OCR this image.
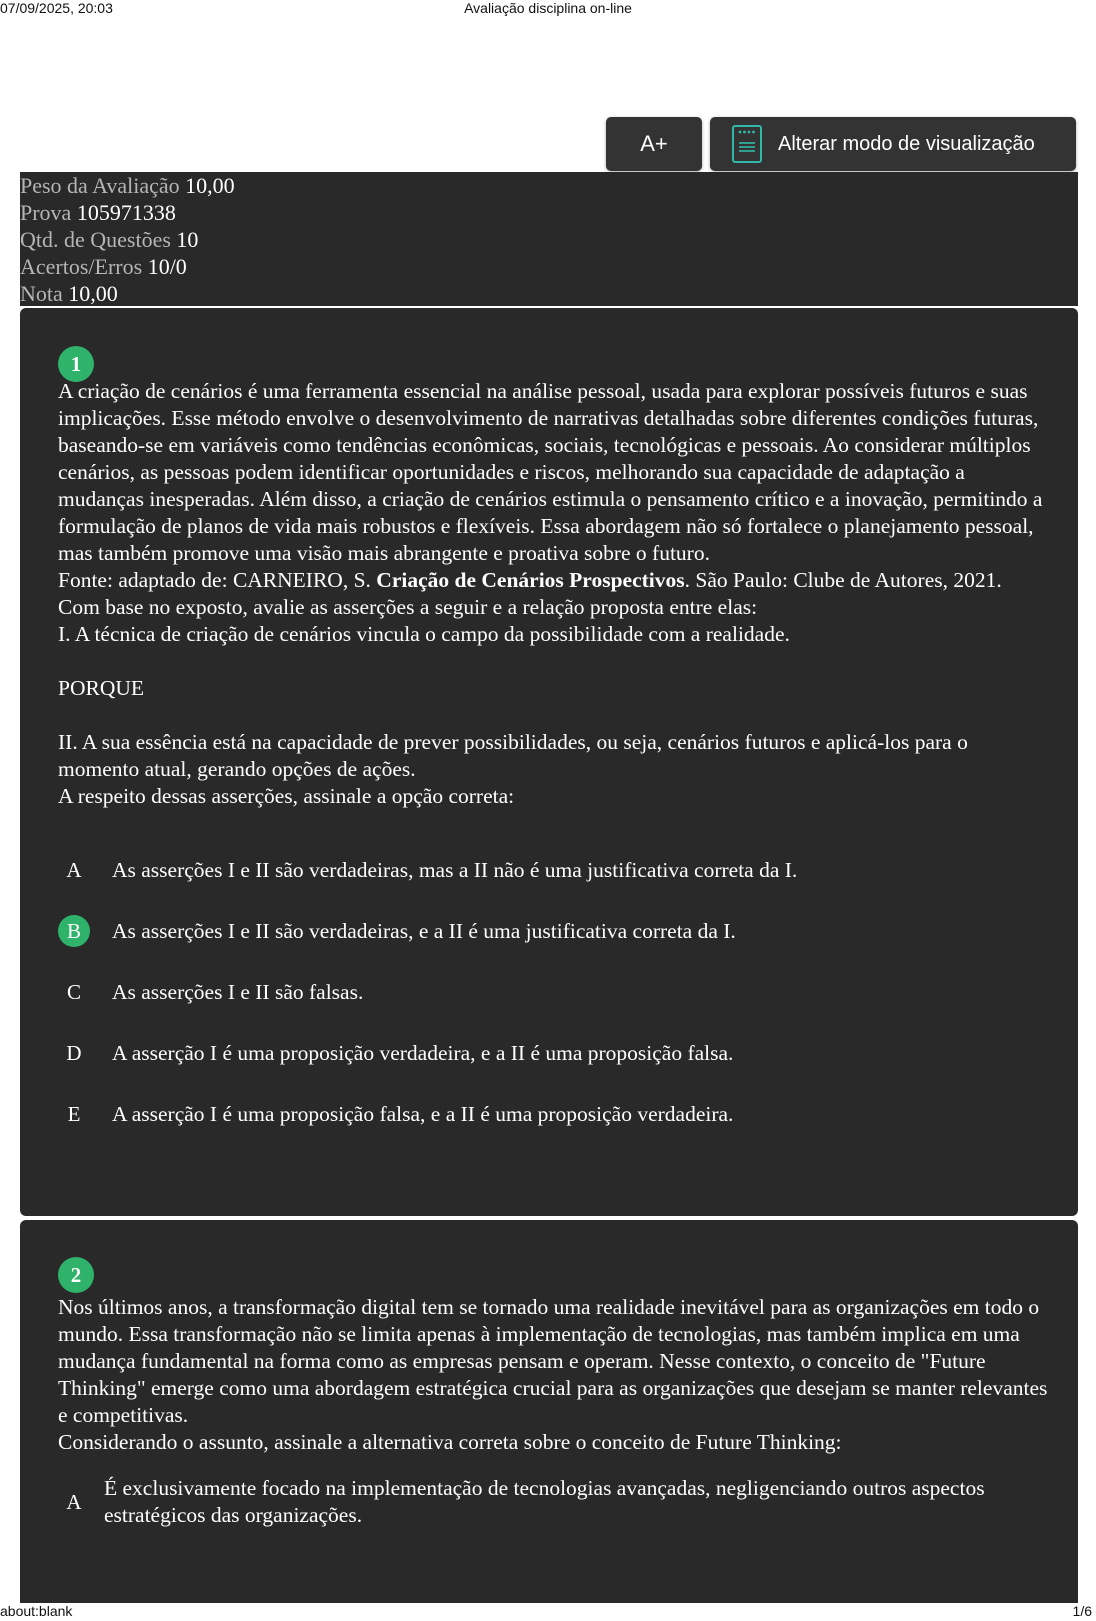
07/09/2025, 20:03	Avaliação disciplina on-line
A+	Alterar modo de visualização

Peso da Avaliação 10,00

Prova 105971338

Qtd. de Questões 10

Acertos/Erros 10/0

Nota 10,00

1

A criação de cenários é uma ferramenta essencial na análise pessoal, usada para explorar possíveis futuros e suas implicações. Esse método envolve o desenvolvimento de narrativas detalhadas sobre diferentes condições futuras, baseando-se em variáveis como tendências econômicas, sociais, tecnológicas e pessoais. Ao considerar múltiplos cenários, as pessoas podem identificar oportunidades e riscos, melhorando sua capacidade de adaptação a mudanças inesperadas. Além disso, a criação de cenários estimula o pensamento crítico e a inovação, permitindo a formulação de planos de vida mais robustos e flexíveis. Essa abordagem não só fortalece o planejamento pessoal, mas também promove uma visão mais abrangente e proativa sobre o futuro.

Fonte: adaptado de: CARNEIRO, S. Criação de Cenários Prospectivos. São Paulo: Clube de Autores, 2021.

Com base no exposto, avalie as asserções a seguir e a relação proposta entre elas:

I. A técnica de criação de cenários vincula o campo da possibilidade com a realidade.

PORQUE

II. A sua essência está na capacidade de prever possibilidades, ou seja, cenários futuros e aplicá-los para o momento atual, gerando opções de ações.

A respeito dessas asserções, assinale a opção correta:

A	As asserções I e II são verdadeiras, mas a II não é uma justificativa correta da I.
B	As asserções I e II são verdadeiras, e a II é uma justificativa correta da I.
C	As asserções I e II são falsas.
D	A asserção I é uma proposição verdadeira, e a II é uma proposição falsa.
E	A asserção I é uma proposição falsa, e a II é uma proposição verdadeira.
2

Nos últimos anos, a transformação digital tem se tornado uma realidade inevitável para as organizações em todo o mundo. Essa transformação não se limita apenas à implementação de tecnologias, mas também implica em uma mudança fundamental na forma como as empresas pensam e operam. Nesse contexto, o conceito de "Future Thinking" emerge como uma abordagem estratégica crucial para as organizações que desejam se manter relevantes e competitivas.

Considerando o assunto, assinale a alternativa correta sobre o conceito de Future Thinking:

A
É exclusivamente focado na implementação de tecnologias avançadas, negligenciando outros aspectos estratégicos das organizações.
about:blank	1/6
